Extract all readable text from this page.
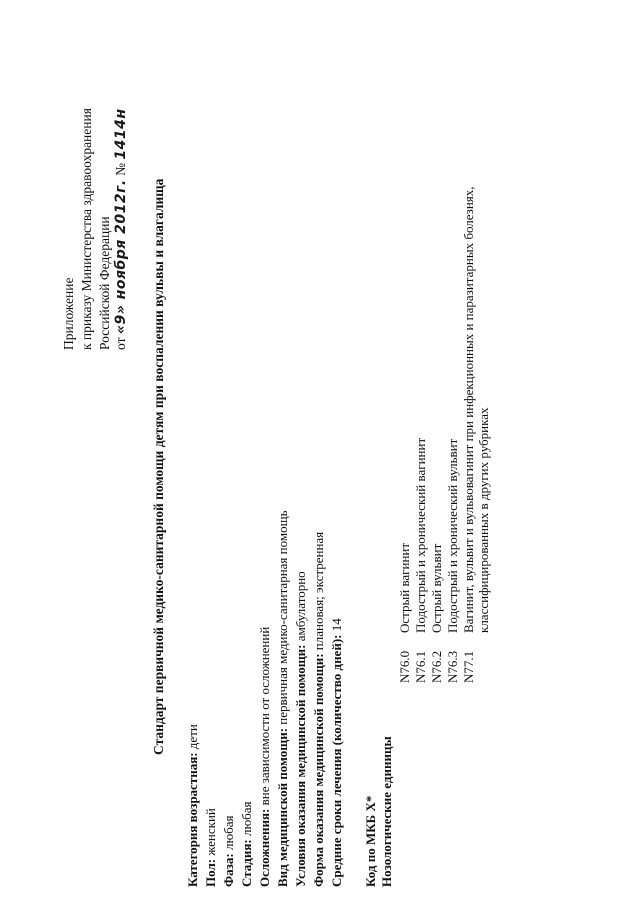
Приложение к приказу Министерства здравоохранения Российской Федерации от «9» ноября 2012г. № 1414н
Стандарт первичной медико-санитарной помощи детям при воспалении вульвы и влагалища
Категория возрастная: дети
Пол: женский
Фаза: любая
Стадия: любая Осложнения: вне зависимости от осложнений Вид медицинской помощи: первичная медико-санитарная помощь
Условия оказания медицинской помощи: амбулаторно
Форма оказания медицинской помощи: плановая; экстренная
Средние сроки лечения (количество дней): 14
Код по МКБ X* Нозологические единицы
N76.0
Острый вагинит
N76.1
Подострый и хронический вагинит
N76.2
Острый вульвит
N76.3
Подострый и хронический вульвит
N77.1
Вагинит, вульвит и вульвовагинит при инфекционных и паразитарных болезнях, классифицированных в других рубриках
